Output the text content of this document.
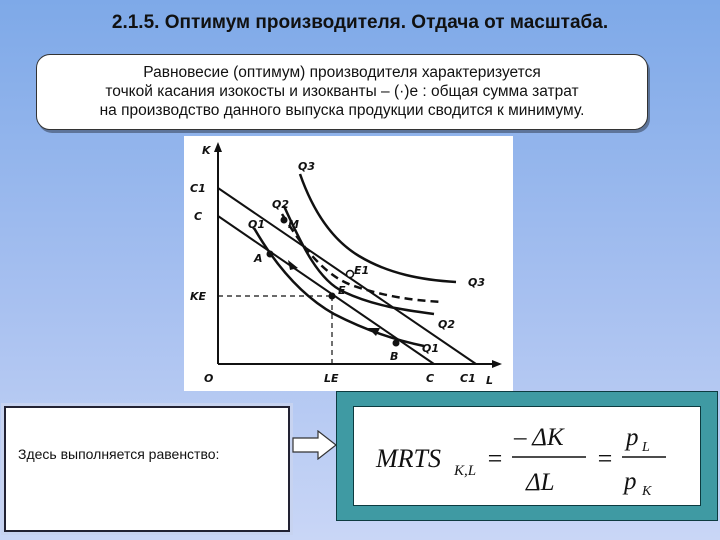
2.1.5. Оптимум производителя. Отдача от масштаба.
Равновесие (оптимум) производителя характеризуется
точкой касания изокосты и изокванты – (·)е : общая сумма затрат
на производство данного выпуска продукции сводится к минимуму.
K
L
O
Q3
Q2
Q1
Q3
Q2
Q1
A
M
E
E1
B
C1
C
KE
LE	C C1
Здесь выполняется равенство:	MRTS K,L =
– ΔK
ΔL
=
p L
p K
